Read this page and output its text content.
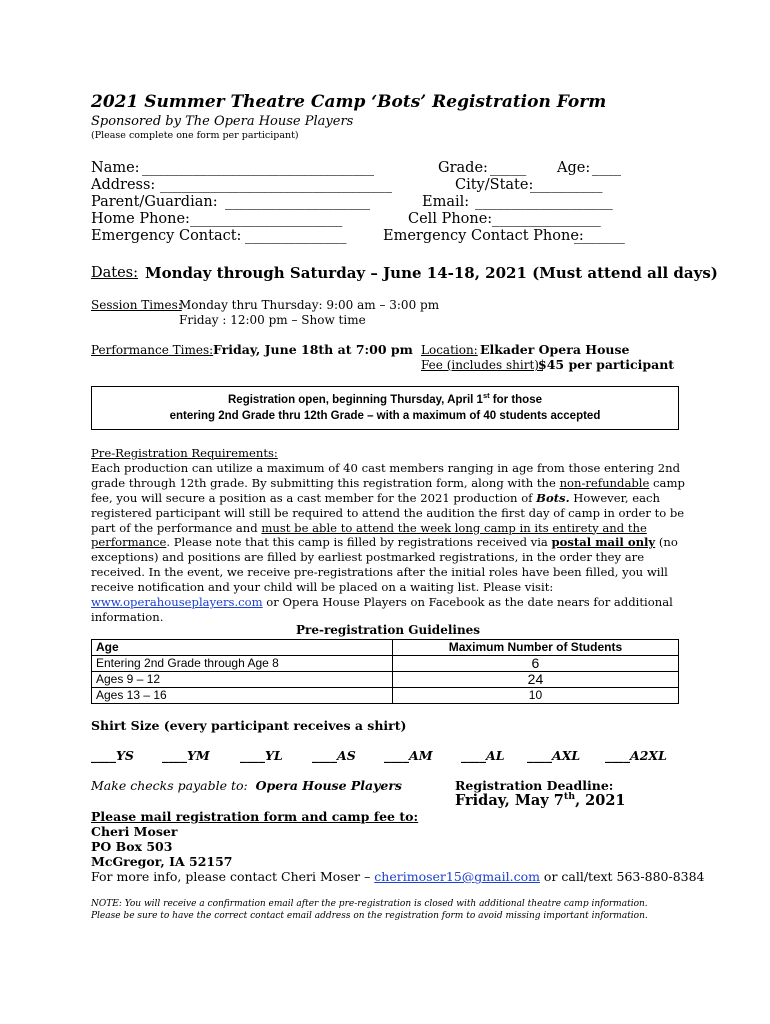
2021 Summer Theatre Camp ‘Bots’ Registration Form
Sponsored by The Opera House Players
(Please complete one form per participant)
Name: ________________________________	Grade: _____ Age: ____
Address: ________________________________	City/State:
__________
Parent/Guardian: ____________________	Email: ___________________
Home Phone: _____________________	Cell Phone: _______________
Emergency Contact: ______________	Emergency Contact Phone:
_______
Dates: Monday through Saturday – June 14-18, 2021 (Must attend all days)
Session Times:
Monday thru Thursday: 9:00 am – 3:00 pm
Friday : 12:00 pm – Show time
Performance Times: Friday, June 18th at 7:00 pm Location: Elkader Opera House
Fee (includes shirt):
$45 per participant
Registration open, beginning Thursday, April 1st for those
entering 2nd Grade thru 12th Grade – with a maximum of 40 students accepted

Pre-Registration Requirements:

Each production can utilize a maximum of 40 cast members ranging in age from those entering 2nd grade through 12th grade. By submitting this registration form, along with the non-refundable camp fee, you will secure a position as a cast member for the 2021 production of Bots. However, each registered participant will still be required to attend the audition the first day of camp in order to be part of the performance and must be able to attend the week long camp in its entirety and the performance. Please note that this camp is filled by registrations received via postal mail only (no exceptions) and positions are filled by earliest postmarked registrations, in the order they are received. In the event, we receive pre-registrations after the initial roles have been filled, you will receive notification and your child will be placed on a waiting list. Please visit: www.operahouseplayers.com or Opera House Players on Facebook as the date nears for additional information.

Pre-registration Guidelines
Age	Maximum Number of Students
Entering 2nd Grade through Age 8	6
Ages 9 – 12	24
Ages 13 – 16	10
Shirt Size (every participant receives a shirt)
____YS ____YM ____YL ____AS ____AM ____AL ____AXL ____A2XL
Make checks payable to: Opera House Players	Registration Deadline:
Friday, May 7th, 2021
Please mail registration form and camp fee to:
Cheri Moser
PO Box 503
McGregor, IA 52157
For more info, please contact Cheri Moser – cherimoser15@gmail.com or call/text 563-880-8384
NOTE: You will receive a confirmation email after the pre-registration is closed with additional theatre camp information.
Please be sure to have the correct contact email address on the registration form to avoid missing important information.
